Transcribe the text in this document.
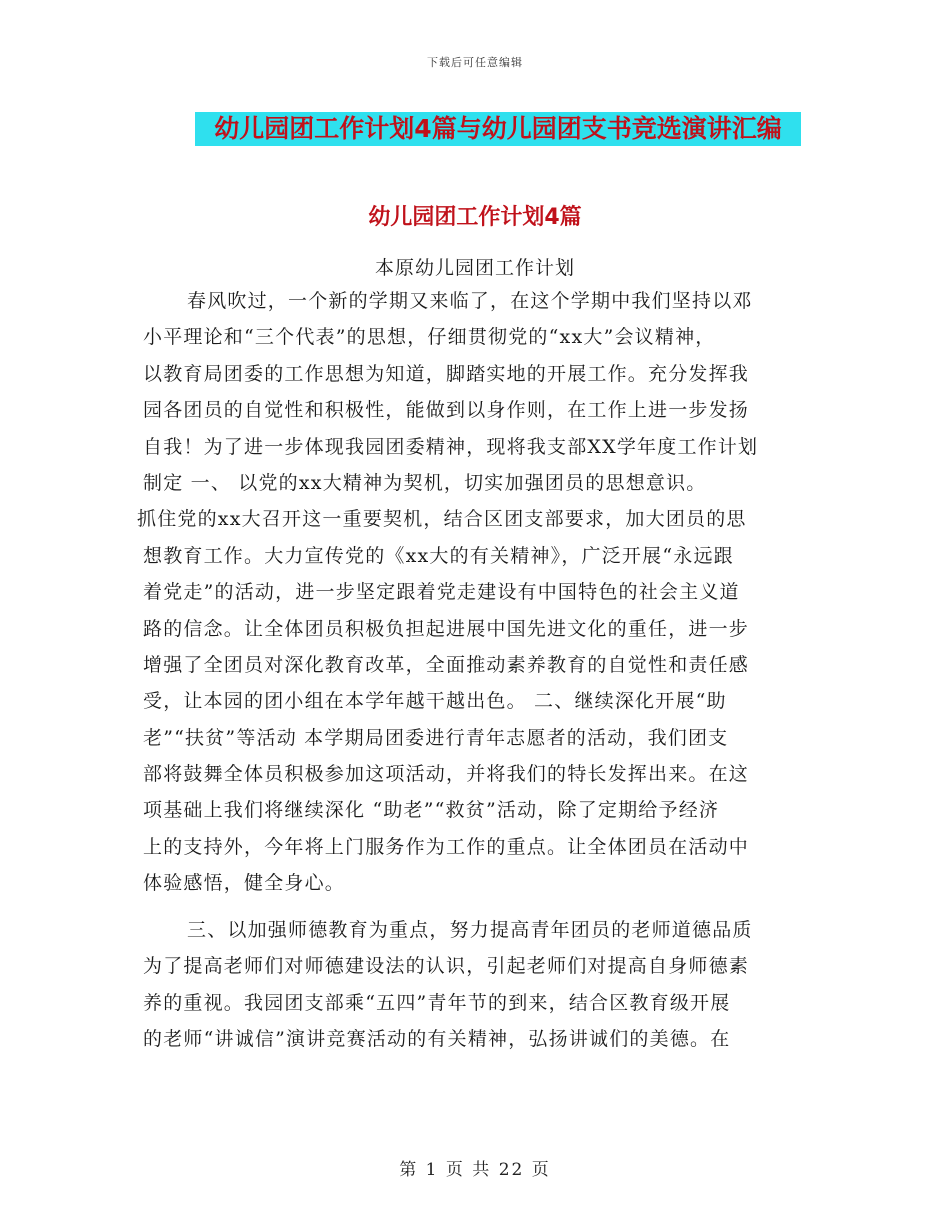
下载后可任意编辑
幼儿园团工作计划4篇与幼儿园团支书竞选演讲汇编
幼儿园团工作计划4篇
本原幼儿园团工作计划
春风吹过，一个新的学期又来临了，在这个学期中我们坚持以邓
小平理论和“三个代表”的思想，仔细贯彻党的“xx大”会议精神，
以教育局团委的工作思想为知道，脚踏实地的开展工作。充分发挥我
园各团员的自觉性和积极性，能做到以身作则，在工作上进一步发扬
自我！为了进一步体现我园团委精神，现将我支部XX学年度工作计划
制定 一、 以党的xx大精神为契机，切实加强团员的思想意识。
抓住党的xx大召开这一重要契机，结合区团支部要求，加大团员的思
想教育工作。大力宣传党的《xx大的有关精神》，广泛开展“永远跟
着党走”的活动，进一步坚定跟着党走建设有中国特色的社会主义道
路的信念。让全体团员积极负担起进展中国先进文化的重任，进一步
增强了全团员对深化教育改革，全面推动素养教育的自觉性和责任感
受，让本园的团小组在本学年越干越出色。 二、继续深化开展“助
老”“扶贫”等活动 本学期局团委进行青年志愿者的活动，我们团支
部将鼓舞全体员积极参加这项活动，并将我们的特长发挥出来。在这
项基础上我们将继续深化 “助老”“救贫”活动，除了定期给予经济
上的支持外，今年将上门服务作为工作的重点。让全体团员在活动中
体验感悟，健全身心。
三、以加强师德教育为重点，努力提高青年团员的老师道德品质
为了提高老师们对师德建设法的认识，引起老师们对提高自身师德素
养的重视。我园团支部乘“五四”青年节的到来，结合区教育级开展
的老师“讲诚信”演讲竞赛活动的有关精神，弘扬讲诚们的美德。在
第 1 页 共 22 页
